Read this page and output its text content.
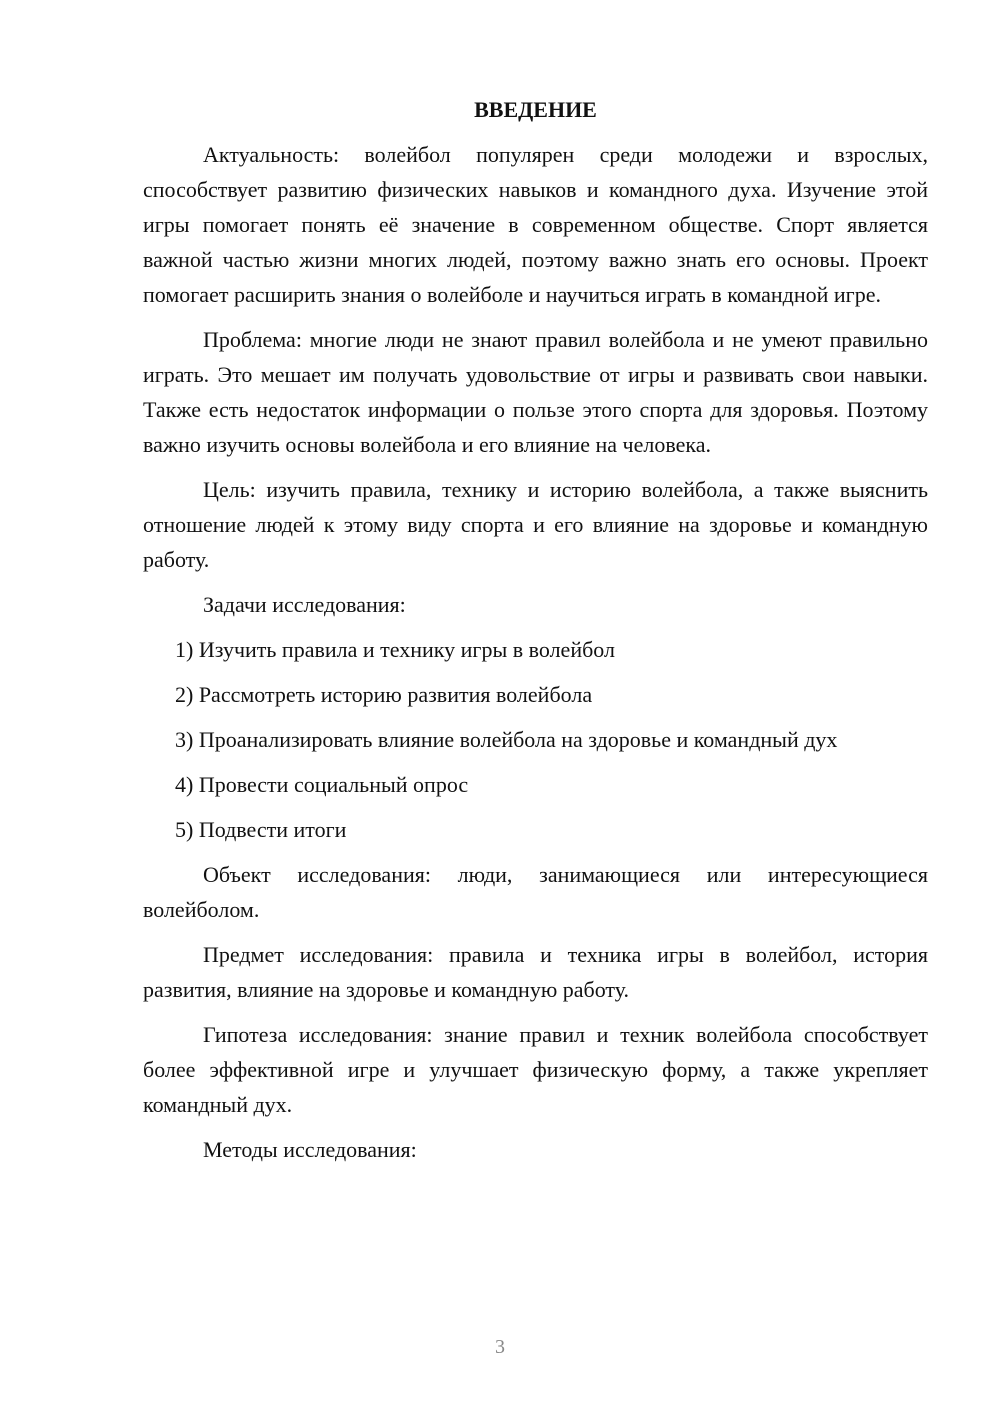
ВВЕДЕНИЕ

Актуальность: волейбол популярен среди молодежи и взрослых, способствует развитию физических навыков и командного духа. Изучение этой игры помогает понять её значение в современном обществе. Спорт является важной частью жизни многих людей, поэтому важно знать его основы. Проект помогает расширить знания о волейболе и научиться играть в командной игре.

Проблема: многие люди не знают правил волейбола и не умеют правильно играть. Это мешает им получать удовольствие от игры и развивать свои навыки. Также есть недостаток информации о пользе этого спорта для здоровья. Поэтому важно изучить основы волейбола и его влияние на человека.

Цель: изучить правила, технику и историю волейбола, а также выяснить отношение людей к этому виду спорта и его влияние на здоровье и командную работу.

Задачи исследования:

1) Изучить правила и технику игры в волейбол

2) Рассмотреть историю развития волейбола

3) Проанализировать влияние волейбола на здоровье и командный дух

4) Провести социальный опрос

5) Подвести итоги

Объект исследования: люди, занимающиеся или интересующиеся волейболом.

Предмет исследования: правила и техника игры в волейбол, история развития, влияние на здоровье и командную работу.

Гипотеза исследования: знание правил и техник волейбола способствует более эффективной игре и улучшает физическую форму, а также укрепляет командный дух.

Методы исследования:

3
